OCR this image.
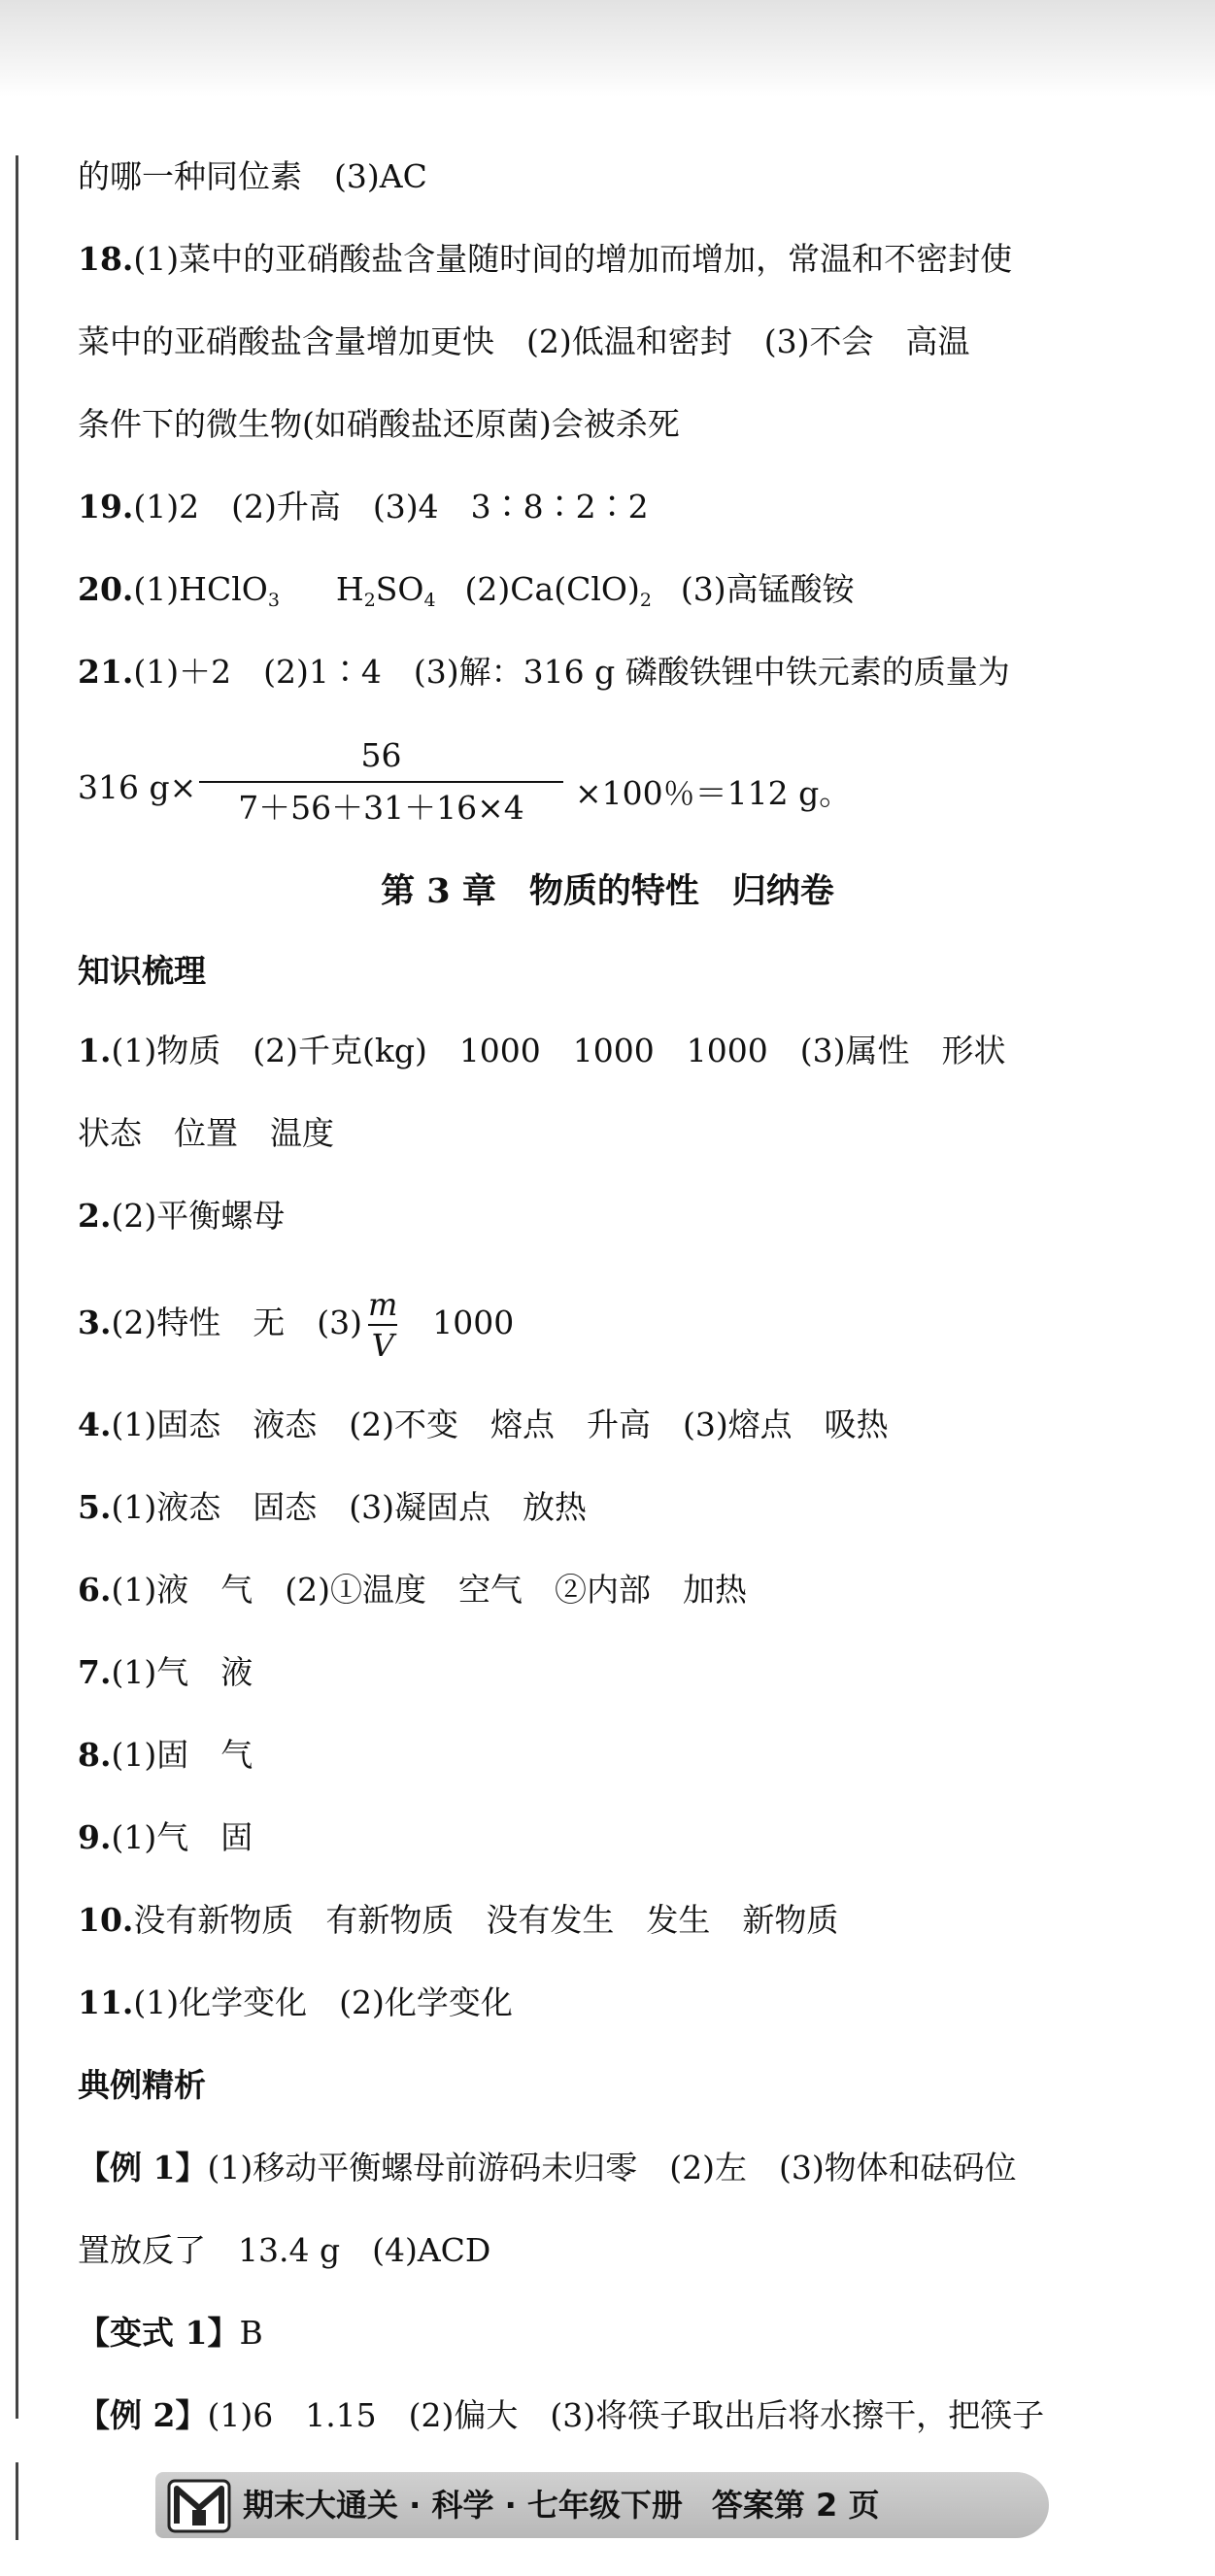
的哪一种同位素　(3)AC
18.(1)菜中的亚硝酸盐含量随时间的增加而增加，常温和不密封使
菜中的亚硝酸盐含量增加更快　(2)低温和密封　(3)不会　高温
条件下的微生物(如硝酸盐还原菌)会被杀死
19.(1)2　(2)升高　(3)4　3∶8∶2∶2
20.(1)HClO$_3$ $H_2SO_4$ $(2)Ca(ClO)_2$ (3)高锰酸铵
21.(1)＋2　(2)1∶4　(3)解：316 g 磷酸铁锂中铁元素的质量为
316 g×
56
7＋56＋31＋16×4	×100％＝112 g。
第 3 章 物质的特性 归纳卷
知识梳理
1.(1)物质　(2)千克(kg)　1000　1000　1000　(3)属性　形状
状态　位置　温度
2.(2)平衡螺母
3.(2)特性　无　$(3) \frac{m}{V} 1000$
4.(1)固态　液态　(2)不变　熔点　升高　(3)熔点　吸热
5.(1)液态　固态　(3)凝固点　放热
6.(1)液　气　(2)①温度　空气　②内部　加热
7.(1)气　液
8.(1)固　气
9.(1)气　固
10.没有新物质　有新物质　没有发生　发生　新物质
11.(1)化学变化　(2)化学变化
典例精析
【例 1】(1)移动平衡螺母前游码未归零　(2)左　(3)物体和砝码位
置放反了　13.4 g　(4)ACD
【变式 1】B
【例 2】(1)6　1.15　(2)偏大　(3)将筷子取出后将水擦干，把筷子
期末大通关 · 科学 · 七年级下册 答案第 2 页
